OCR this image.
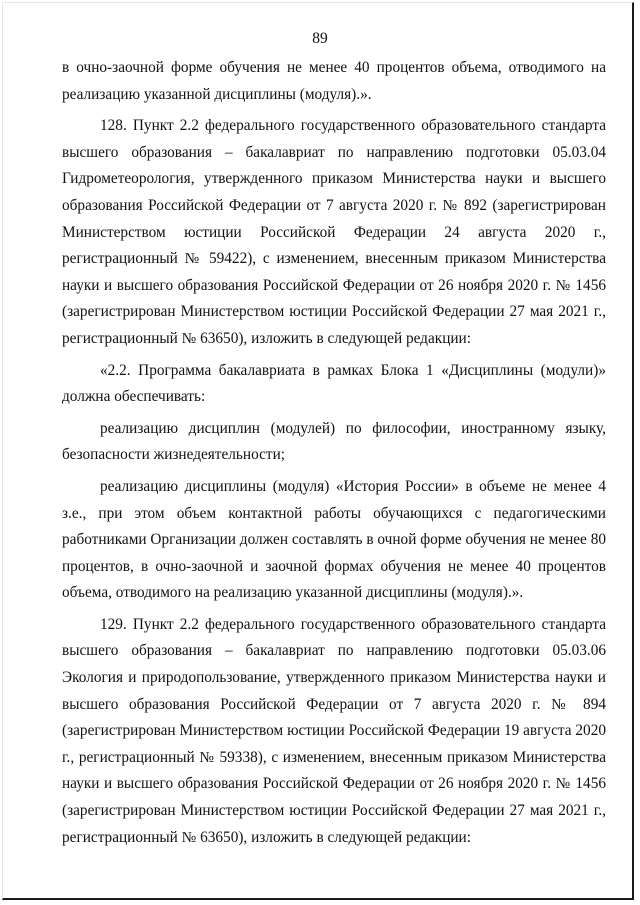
89

в очно-заочной форме обучения не менее 40 процентов объема, отводимого на реализацию указанной дисциплины (модуля).».

128. Пункт 2.2 федерального государственного образовательного стандарта высшего образования – бакалавриат по направлению подготовки 05.03.04 Гидрометеорология, утвержденного приказом Министерства науки и высшего образования Российской Федерации от 7 августа 2020 г. № 892 (зарегистрирован Министерством юстиции Российской Федерации 24 августа 2020 г., регистрационный № 59422), с изменением, внесенным приказом Министерства науки и высшего образования Российской Федерации от 26 ноября 2020 г. № 1456 (зарегистрирован Министерством юстиции Российской Федерации 27 мая 2021 г., регистрационный № 63650), изложить в следующей редакции:

«2.2. Программа бакалавриата в рамках Блока 1 «Дисциплины (модули)» должна обеспечивать:

реализацию дисциплин (модулей) по философии, иностранному языку, безопасности жизнедеятельности;

реализацию дисциплины (модуля) «История России» в объеме не менее 4 з.е., при этом объем контактной работы обучающихся с педагогическими работниками Организации должен составлять в очной форме обучения не менее 80 процентов, в очно-заочной и заочной формах обучения не менее 40 процентов объема, отводимого на реализацию указанной дисциплины (модуля).».

129. Пункт 2.2 федерального государственного образовательного стандарта высшего образования – бакалавриат по направлению подготовки 05.03.06 Экология и природопользование, утвержденного приказом Министерства науки и высшего образования Российской Федерации от 7 августа 2020 г. № 894 (зарегистрирован Министерством юстиции Российской Федерации 19 августа 2020 г., регистрационный № 59338), с изменением, внесенным приказом Министерства науки и высшего образования Российской Федерации от 26 ноября 2020 г. № 1456 (зарегистрирован Министерством юстиции Российской Федерации 27 мая 2021 г., регистрационный № 63650), изложить в следующей редакции:
